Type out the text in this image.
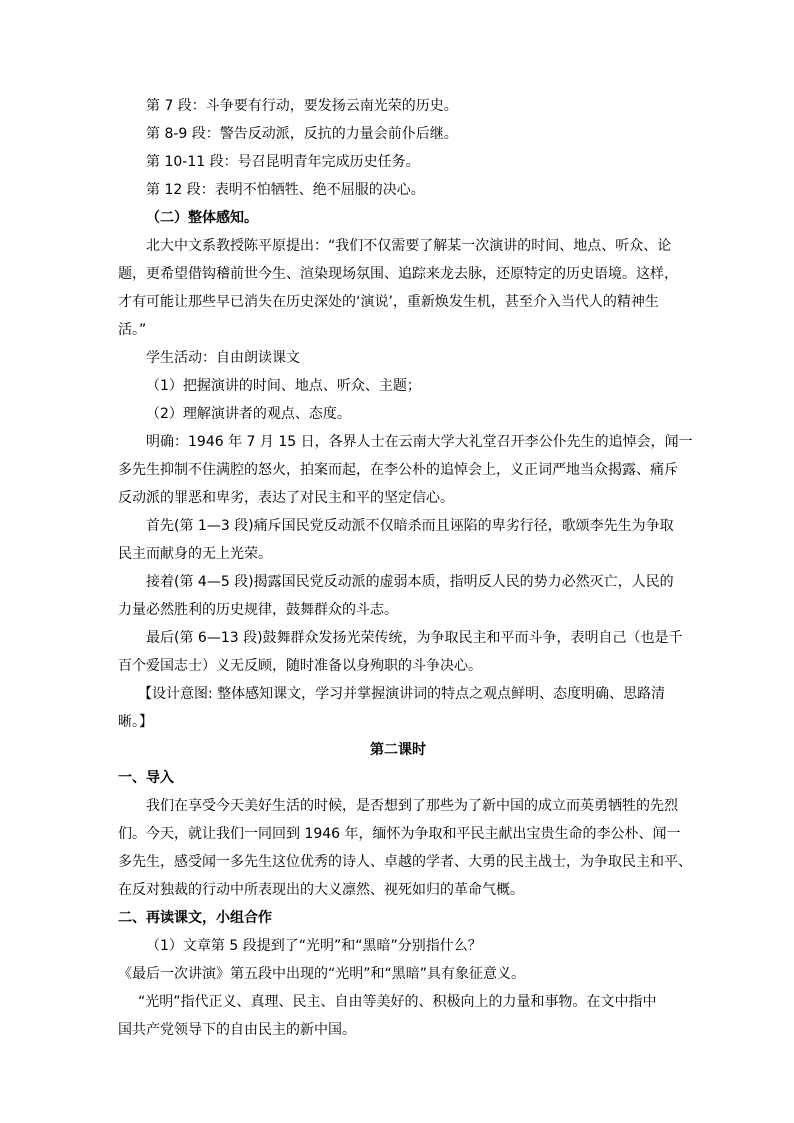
第 7 段：斗争要有行动，要发扬云南光荣的历史。

第 8-9 段：警告反动派，反抗的力量会前仆后继。

第 10-11 段：号召昆明青年完成历史任务。

第 12 段：表明不怕牺牲、绝不屈服的决心。

（二）整体感知。

北大中文系教授陈平原提出：“我们不仅需要了解某一次演讲的时间、地点、听众、论

题，更希望借钩稽前世今生、渲染现场氛围、追踪来龙去脉，还原特定的历史语境。这样，

才有可能让那些早已消失在历史深处的‘演说’，重新焕发生机，甚至介入当代人的精神生

活。”

学生活动：自由朗读课文

（1）把握演讲的时间、地点、听众、主题；

（2）理解演讲者的观点、态度。

明确：1946 年 7 月 15 日，各界人士在云南大学大礼堂召开李公仆先生的追悼会，闻一

多先生抑制不住满腔的怒火，拍案而起，在李公朴的追悼会上，义正词严地当众揭露、痛斥

反动派的罪恶和卑劣，表达了对民主和平的坚定信心。

首先(第 1—3 段)痛斥国民党反动派不仅暗杀而且诬陷的卑劣行径，歌颂李先生为争取

民主而献身的无上光荣。

接着(第 4—5 段)揭露国民党反动派的虚弱本质，指明反人民的势力必然灭亡，人民的

力量必然胜利的历史规律，鼓舞群众的斗志。

最后(第 6—13 段)鼓舞群众发扬光荣传统，为争取民主和平而斗争，表明自己（也是千

百个爱国志士）义无反顾，随时准备以身殉职的斗争决心。

【设计意图: 整体感知课文，学习并掌握演讲词的特点之观点鲜明、态度明确、思路清

晰。】

第二课时

一、导入

我们在享受今天美好生活的时候，是否想到了那些为了新中国的成立而英勇牺牲的先烈

们。今天，就让我们一同回到 1946 年，缅怀为争取和平民主献出宝贵生命的李公朴、闻一

多先生，感受闻一多先生这位优秀的诗人、卓越的学者、大勇的民主战士，为争取民主和平、

在反对独裁的行动中所表现出的大义凛然、视死如归的革命气概。

二、再读课文，小组合作

（1）文章第 5 段提到了“光明”和“黑暗”分别指什么？

《最后一次讲演》第五段中出现的“光明”和“黑暗”具有象征意义。

“光明”指代正义、真理、民主、自由等美好的、积极向上的力量和事物。在文中指中

国共产党领导下的自由民主的新中国。
